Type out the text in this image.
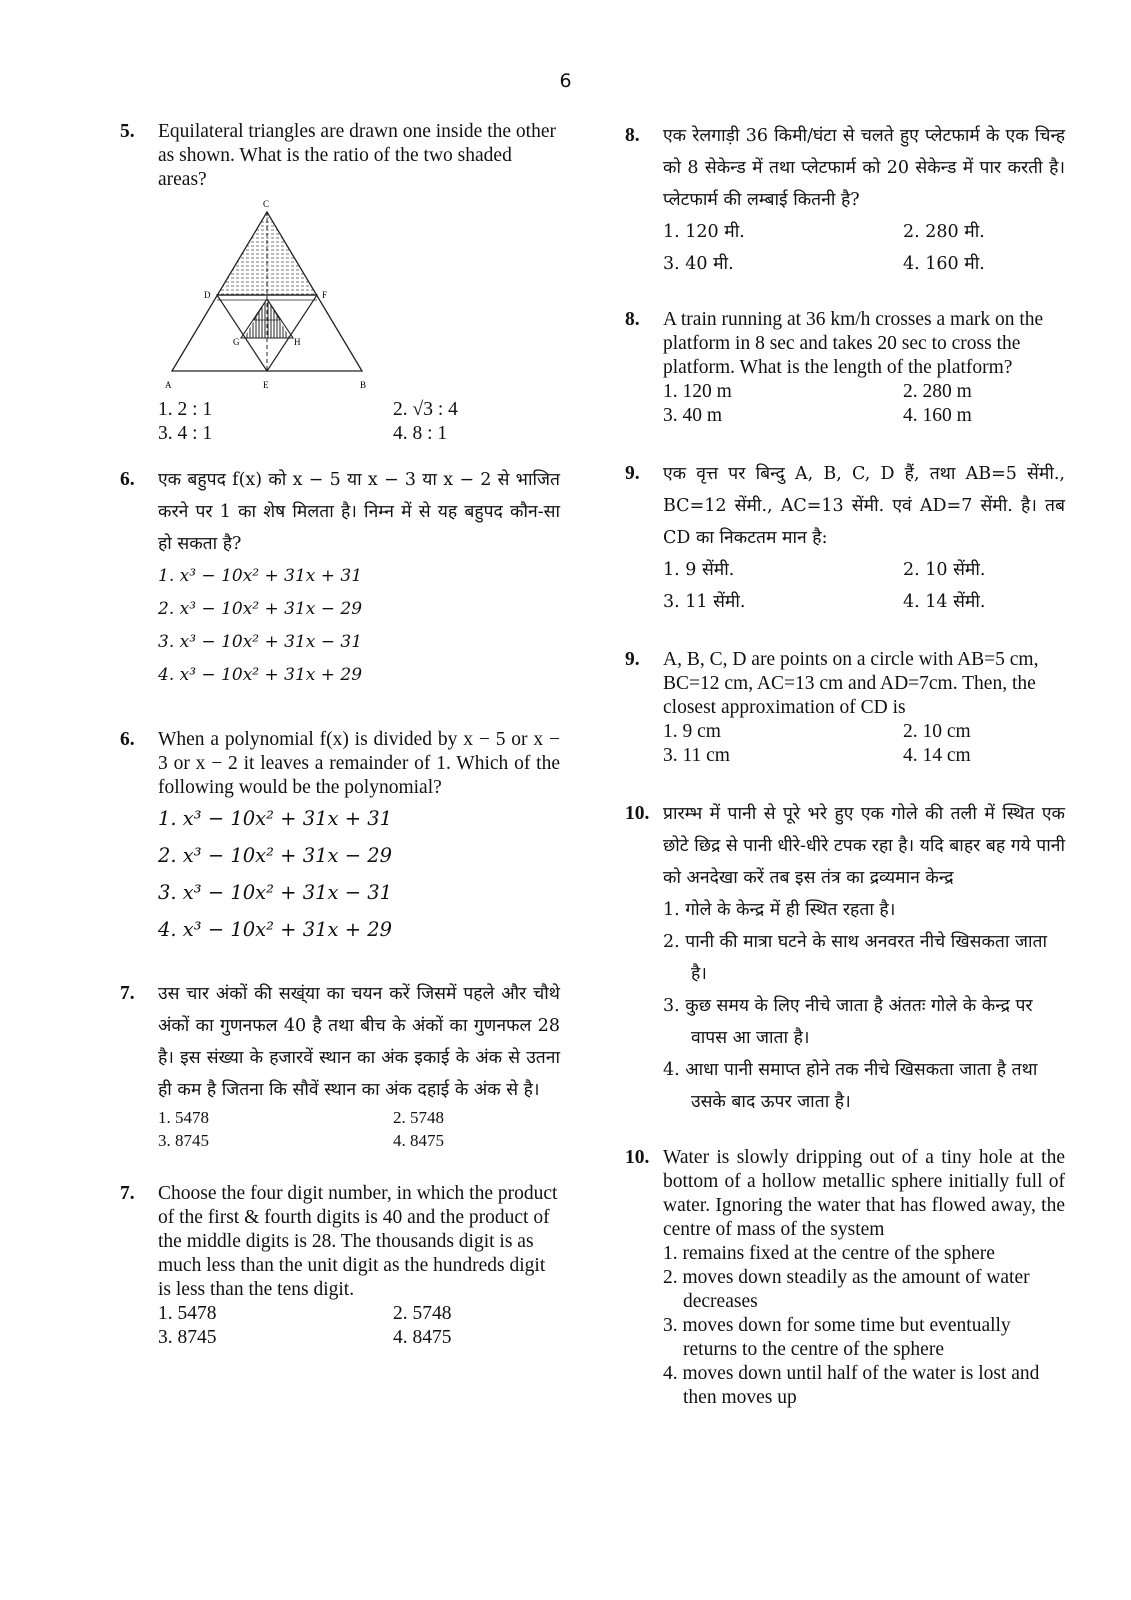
6
5. Equilateral triangles are drawn one inside the other as shown. What is the ratio of the two shaded areas?
C
D	F
G	H
A	E	B
1. 2 : 1	2. √3 : 4
3. 4 : 1	4. 8 : 1
6. एक बहुपद f(x) को x − 5 या x − 3 या x − 2 से भाजित करने पर 1 का शेष मिलता है। निम्न में से यह बहुपद कौन-सा हो सकता है?
1. x³ − 10x² + 31x + 31
2. x³ − 10x² + 31x − 29
3. x³ − 10x² + 31x − 31
4. x³ − 10x² + 31x + 29
6. When a polynomial f(x) is divided by x − 5 or x − 3 or x − 2 it leaves a remainder of 1. Which of the following would be the polynomial?
1. x³ − 10x² + 31x + 31
2. x³ − 10x² + 31x − 29
3. x³ − 10x² + 31x − 31
4. x³ − 10x² + 31x + 29
7. उस चार अंकों की सख्ंया का चयन करें जिसमें पहले और चौथे अंकों का गुणनफल 40 है तथा बीच के अंकों का गुणनफल 28 है। इस संख्या के हजारवें स्थान का अंक इकाई के अंक से उतना ही कम है जितना कि सौवें स्थान का अंक दहाई के अंक से है।
1. 5478	2. 5748
3. 8745	4. 8475
7. Choose the four digit number, in which the product of the first & fourth digits is 40 and the product of the middle digits is 28. The thousands digit is as much less than the unit digit as the hundreds digit is less than the tens digit.
1. 5478	2. 5748
3. 8745	4. 8475
8. एक रेलगाड़ी 36 किमी/घंटा से चलते हुए प्लेटफार्म के एक चिन्ह को 8 सेकेन्ड में तथा प्लेटफार्म को 20 सेकेन्ड में पार करती है। प्लेटफार्म की लम्बाई कितनी है?
1. 120 मी.	2. 280 मी.
3. 40 मी.	4. 160 मी.
8. A train running at 36 km/h crosses a mark on the platform in 8 sec and takes 20 sec to cross the platform. What is the length of the platform?
1. 120 m	2. 280 m
3. 40 m	4. 160 m
9. एक वृत्त पर बिन्दु A, B, C, D हैं, तथा AB=5 सेंमी., BC=12 सेंमी., AC=13 सेंमी. एवं AD=7 सेंमी. है। तब CD का निकटतम मान है:
1. 9 सेंमी.	2. 10 सेंमी.
3. 11 सेंमी.	4. 14 सेंमी.
9. A, B, C, D are points on a circle with AB=5 cm, BC=12 cm, AC=13 cm and AD=7cm. Then, the closest approximation of CD is
1. 9 cm	2. 10 cm
3. 11 cm	4. 14 cm
10. प्रारम्भ में पानी से पूरे भरे हुए एक गोले की तली में स्थित एक छोटे छिद्र से पानी धीरे-धीरे टपक रहा है। यदि बाहर बह गये पानी को अनदेखा करें तब इस तंत्र का द्रव्यमान केन्द्र
1. गोले के केन्द्र में ही स्थित रहता है।
2. पानी की मात्रा घटने के साथ अनवरत नीचे खिसकता जाता है।
3. कुछ समय के लिए नीचे जाता है अंततः गोले के केन्द्र पर वापस आ जाता है।
4. आधा पानी समाप्त होने तक नीचे खिसकता जाता है तथा उसके बाद ऊपर जाता है।
10. Water is slowly dripping out of a tiny hole at the bottom of a hollow metallic sphere initially full of water. Ignoring the water that has flowed away, the centre of mass of the system
1. remains fixed at the centre of the sphere
2. moves down steadily as the amount of water decreases
3. moves down for some time but eventually returns to the centre of the sphere
4. moves down until half of the water is lost and then moves up
